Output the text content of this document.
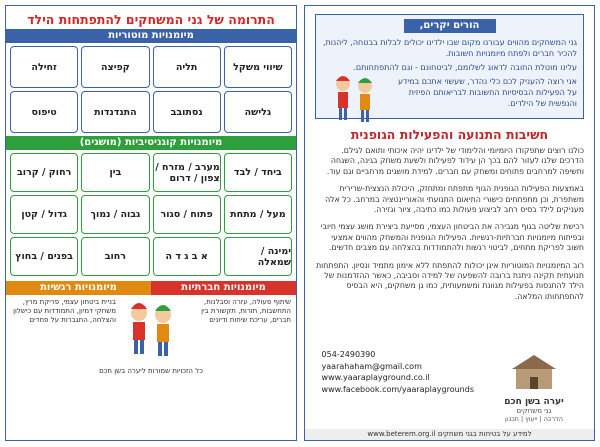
התרומה של גני המשחקים להתפתחות הילד
מיומנויות מוטוריות
שיווי משקל
תליה
קפיצה
זחילה
גלישה
נסתובב
התנדנדות
טיפוס
מיומנויות קוגניטיביות (מושגים)
ביחד / לבד
מערב / מזרח / צפון / דרום
בין
רחוק / קרוב
מעל / מתחת
פתוח / סגור
גבוה / נמוך
גדול / קטן
ימינה / שמאלה
א ב ג ד ה
רחוב
בפנים / בחוץ
מיומנויות חברתיות
מיומנויות רגשיות
שיתוף פעולה, עזרה וסבלנות, התחשבות, תורות, תקשורת בין חברים, עריכת שיחות ודיונים
בניית ביטחון עצמי, פריקת מרץ, משחקי דמיון, התמודדות עם כישלון והצלחה, התגברות על פחדים
כל הזכויות שמורות ליערה בשן חכם
הורים יקרים,

גני המשחקים מהווים עבורנו מקום שבו ילדינו יכולים לבלות בבטחה, ליהנות, להכיר חברים ולפתח מיומנויות חשובות.

עלינו מוטלת החובה לדאוג לשלומם, לביטחונם - וגם להתפתחותם.

אני רוצה להעניק לכם כלי נהדר, שעשוי אתכם במידע על הפעילות הבסיסיות החשובות לבריאותם הפיזית והנפשית של הילדים.

חשיבות התנועה והפעילות הגופנית

כולנו רוצים שתפקודו היומיומי והלימודי של ילדינו יהיה איכותי ותואם לגילם. הדרכים שלנו לעזור להם בכך הן עידוד לפעילות ולשעת משחק בגינה, השגחה וחשיפה למרחבים פתוחים ומשחק עם חברים. למידת מושגים מרחביים וגם עוד.

באמצעות הפעילות הגופנית הגוף מתפתח ומתחזק, היכולת הנצצית-שרירית משתפרת, וכן מתפתחים כישורי התיאום התנועתי והאוריינטציה במרחב. כל אלה מעניקים לילד בסיס רחב לביצוע פעולות כמו כתיבה, ציור וגזירה.

רכישת שליטה בגוף מגבירה את הביטחון העצמי, מסייעת ביצירת מושג עצמי חיובי ובפיתוח מיומנויות חברתיות-רגשיות. הפעילות הגופנית והמשחק מהווים אמצעי חשוב לפריקת מתחים, לביטוי רגשות ולהתמודדות בהצלחה עם מצבים חדשים.

רוב המיומנויות המוטוריות אינן יכולות להתפתח ללא אימון מתמיד ונסיון. התפתחות תנועתית תקינה ניתנת ברובה להשפעה של למידה וסביבה, כאשר ההזדמנות של הילד להתנסות בפעילות מגוונת ומשמעותית, כמו גן משחקים, היא הבסיס להתפתחותו המלאה.

054-2490390
yaarahaham@gmail.com
www.yaaraplayground.co.il
www.facebook.com/yaaraplaygrounds
יערה בשן חכם
גני משחקים
הדרכה | ייעוץ | תכנון
www.beterem.org.il למידע על בטיחות בגני משחקים
